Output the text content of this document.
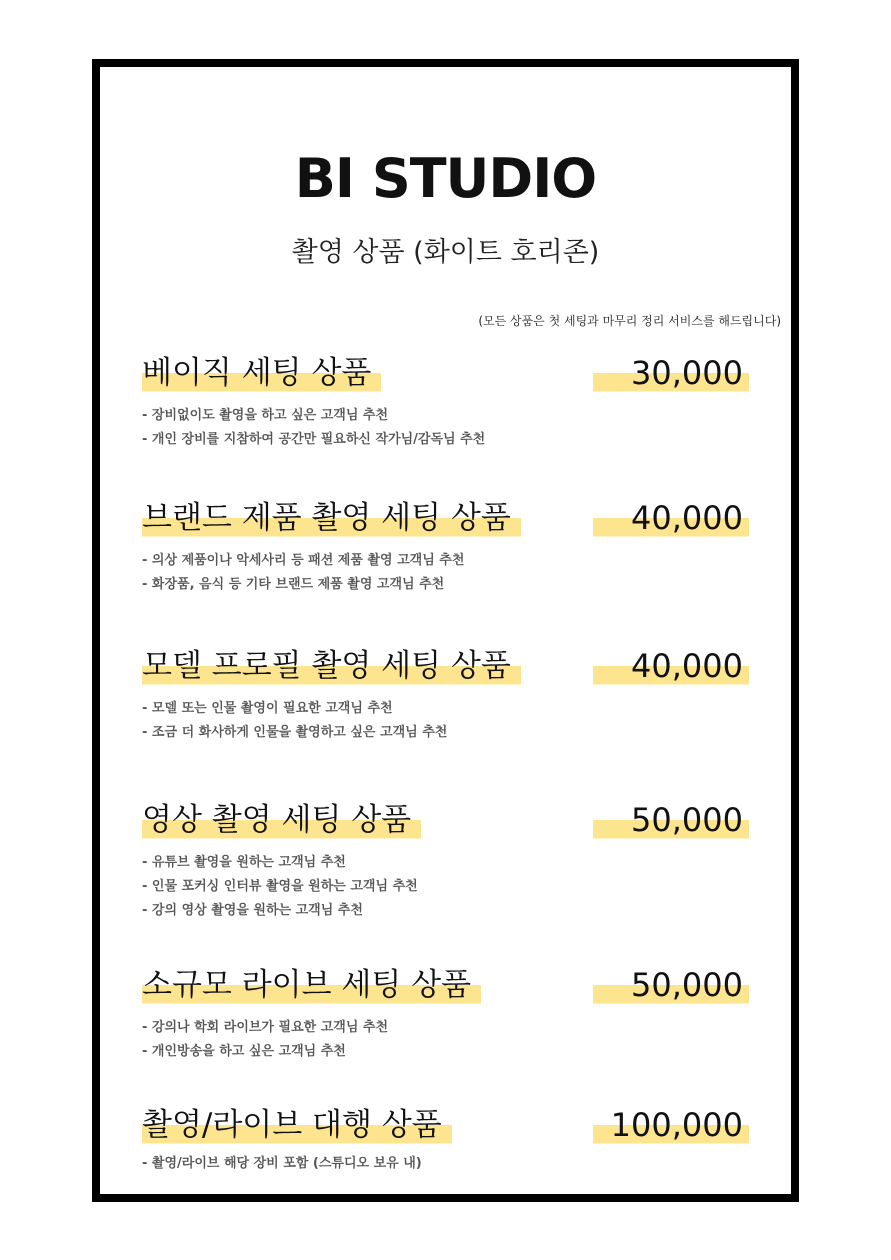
BI STUDIO
촬영 상품 (화이트 호리존)
(모든 상품은 첫 세팅과 마무리 정리 서비스를 해드립니다)
베이직 세팅 상품	30,000
- 장비없이도 촬영을 하고 싶은 고객님 추천
- 개인 장비를 지참하여 공간만 필요하신 작가님/감독님 추천
브랜드 제품 촬영 세팅 상품	40,000
- 의상 제품이나 악세사리 등 패션 제품 촬영 고객님 추천
- 화장품, 음식 등 기타 브랜드 제품 촬영 고객님 추천
모델 프로필 촬영 세팅 상품	40,000
- 모델 또는 인물 촬영이 필요한 고객님 추천
- 조금 더 화사하게 인물을 촬영하고 싶은 고객님 추천
영상 촬영 세팅 상품	50,000
- 유튜브 촬영을 원하는 고객님 추천
- 인물 포커싱 인터뷰 촬영을 원하는 고객님 추천
- 강의 영상 촬영을 원하는 고객님 추천
소규모 라이브 세팅 상품	50,000
- 강의나 학회 라이브가 필요한 고객님 추천
- 개인방송을 하고 싶은 고객님 추천
촬영/라이브 대행 상품	100,000
- 촬영/라이브 해당 장비 포함 (스튜디오 보유 내)
